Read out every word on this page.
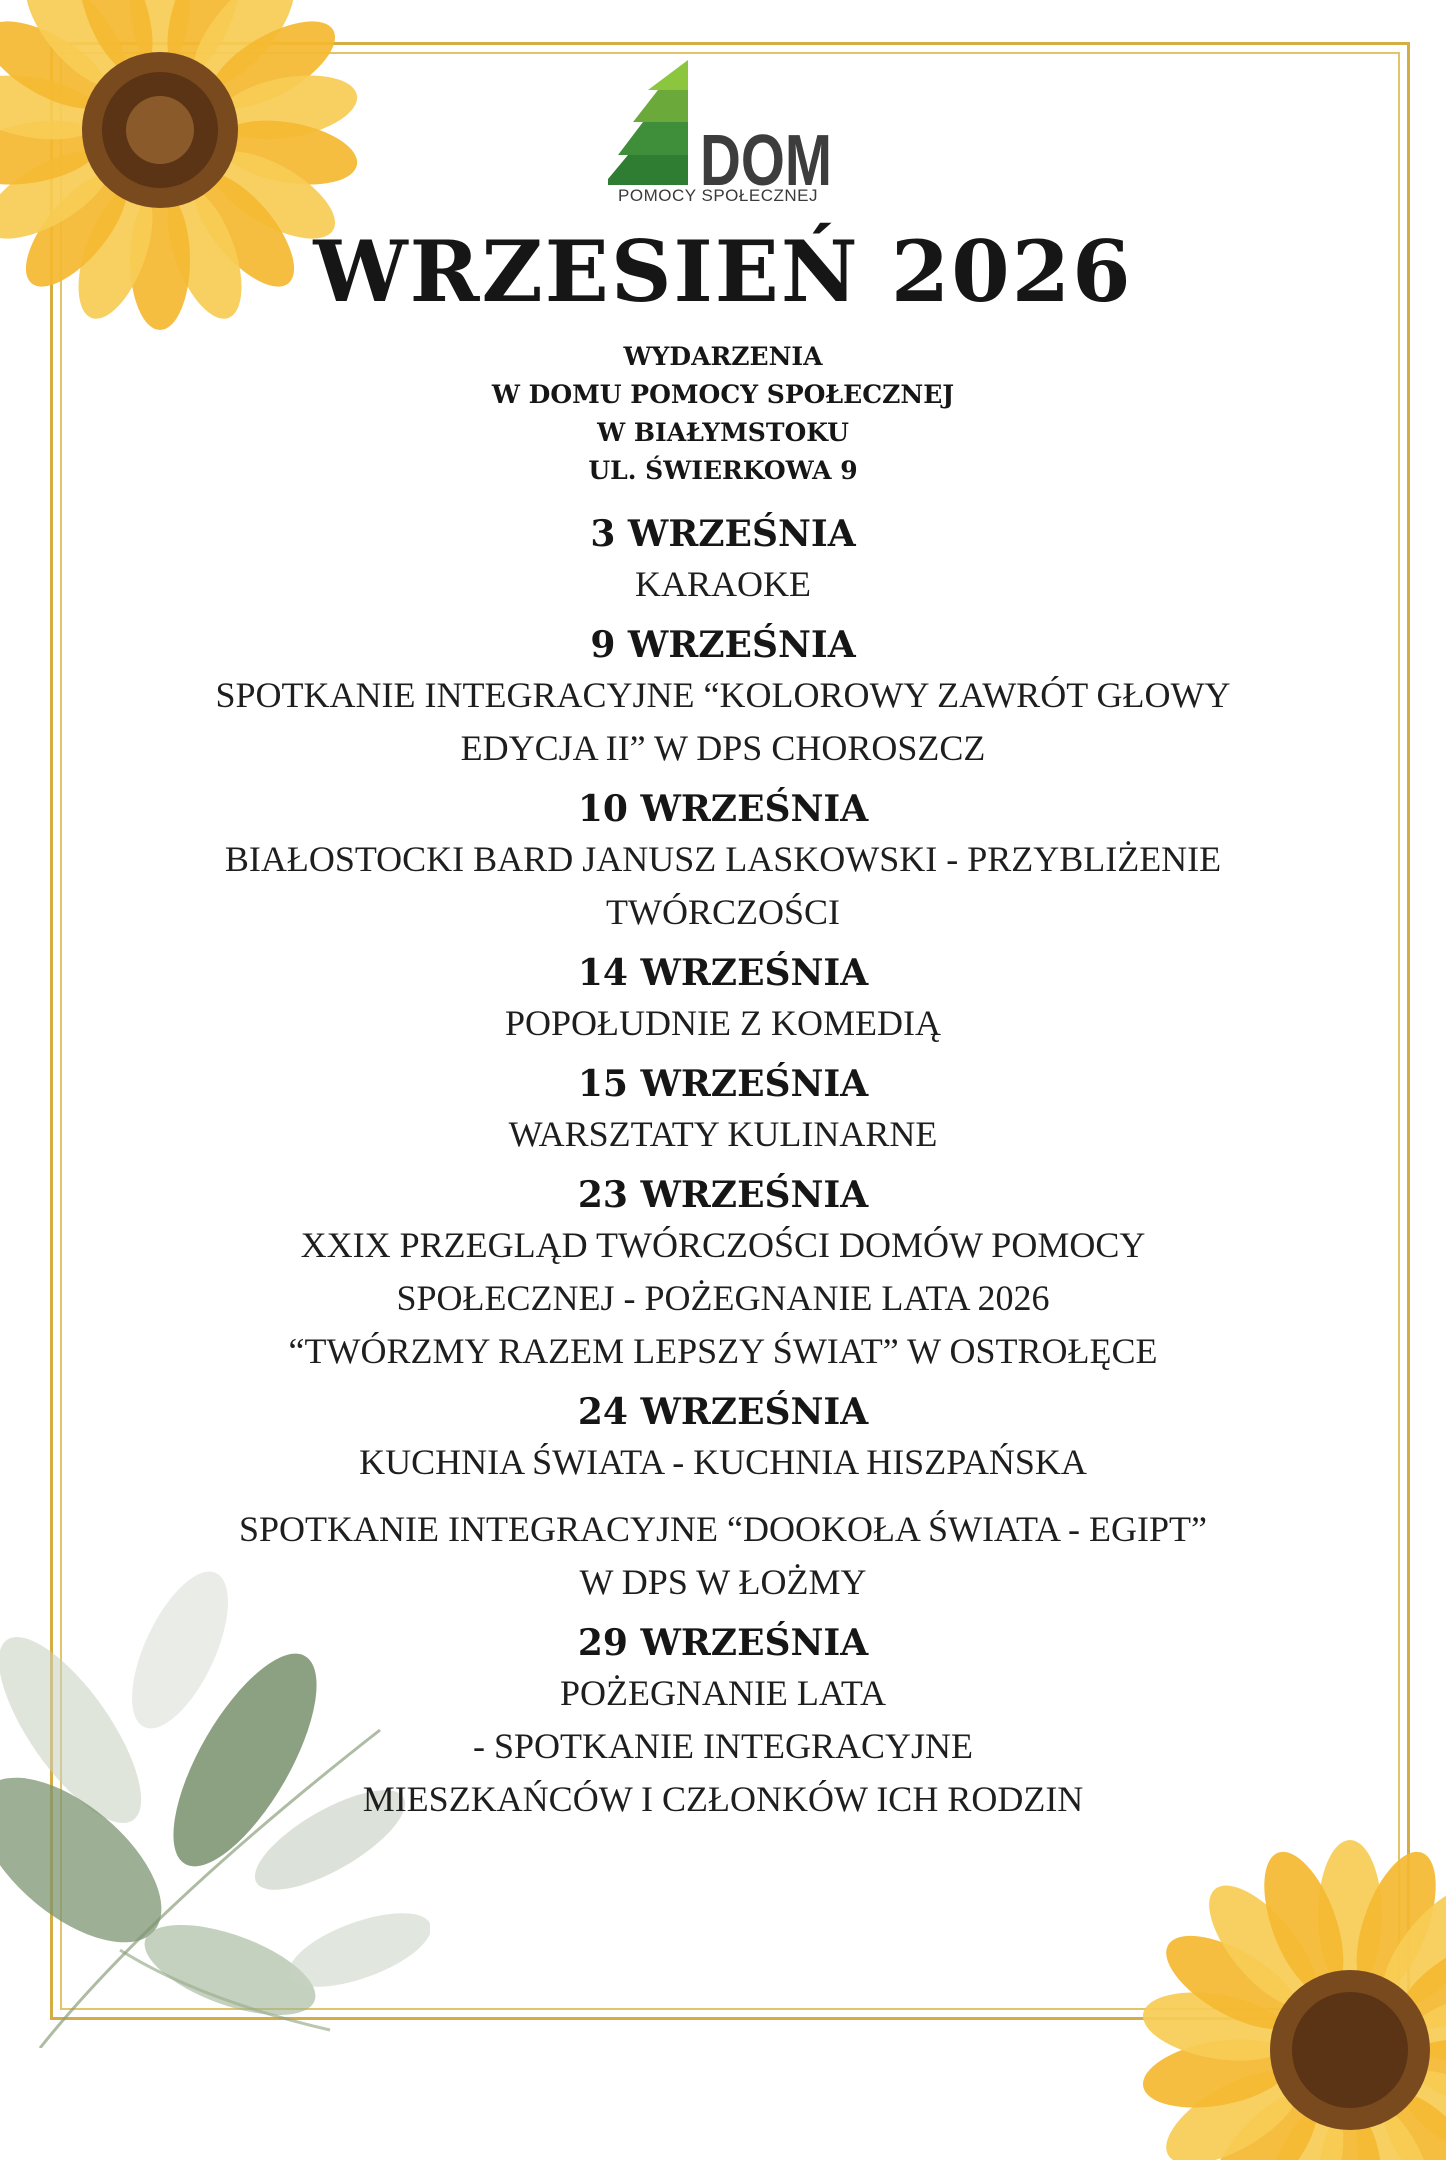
DOM
POMOCY SPOŁECZNEJ
WRZESIEŃ 2026
WYDARZENIA
W DOMU POMOCY SPOŁECZNEJ
W BIAŁYMSTOKU
UL. ŚWIERKOWA 9
3 WRZEŚNIA
KARAOKE
9 WRZEŚNIA
SPOTKANIE INTEGRACYJNE “KOLOROWY ZAWRÓT GŁOWY
EDYCJA II” W DPS CHOROSZCZ
10 WRZEŚNIA
BIAŁOSTOCKI BARD JANUSZ LASKOWSKI - PRZYBLIŻENIE
TWÓRCZOŚCI
14 WRZEŚNIA
POPOŁUDNIE Z KOMEDIĄ
15 WRZEŚNIA
WARSZTATY KULINARNE
23 WRZEŚNIA
XXIX PRZEGLĄD TWÓRCZOŚCI DOMÓW POMOCY
SPOŁECZNEJ - POŻEGNANIE LATA 2026
“TWÓRZMY RAZEM LEPSZY ŚWIAT” W OSTROŁĘCE
24 WRZEŚNIA
KUCHNIA ŚWIATA - KUCHNIA HISZPAŃSKA
SPOTKANIE INTEGRACYJNE “DOOKOŁA ŚWIATA - EGIPT”
W DPS W ŁOŻMY
29 WRZEŚNIA
POŻEGNANIE LATA
- SPOTKANIE INTEGRACYJNE
MIESZKAŃCÓW I CZŁONKÓW ICH RODZIN
